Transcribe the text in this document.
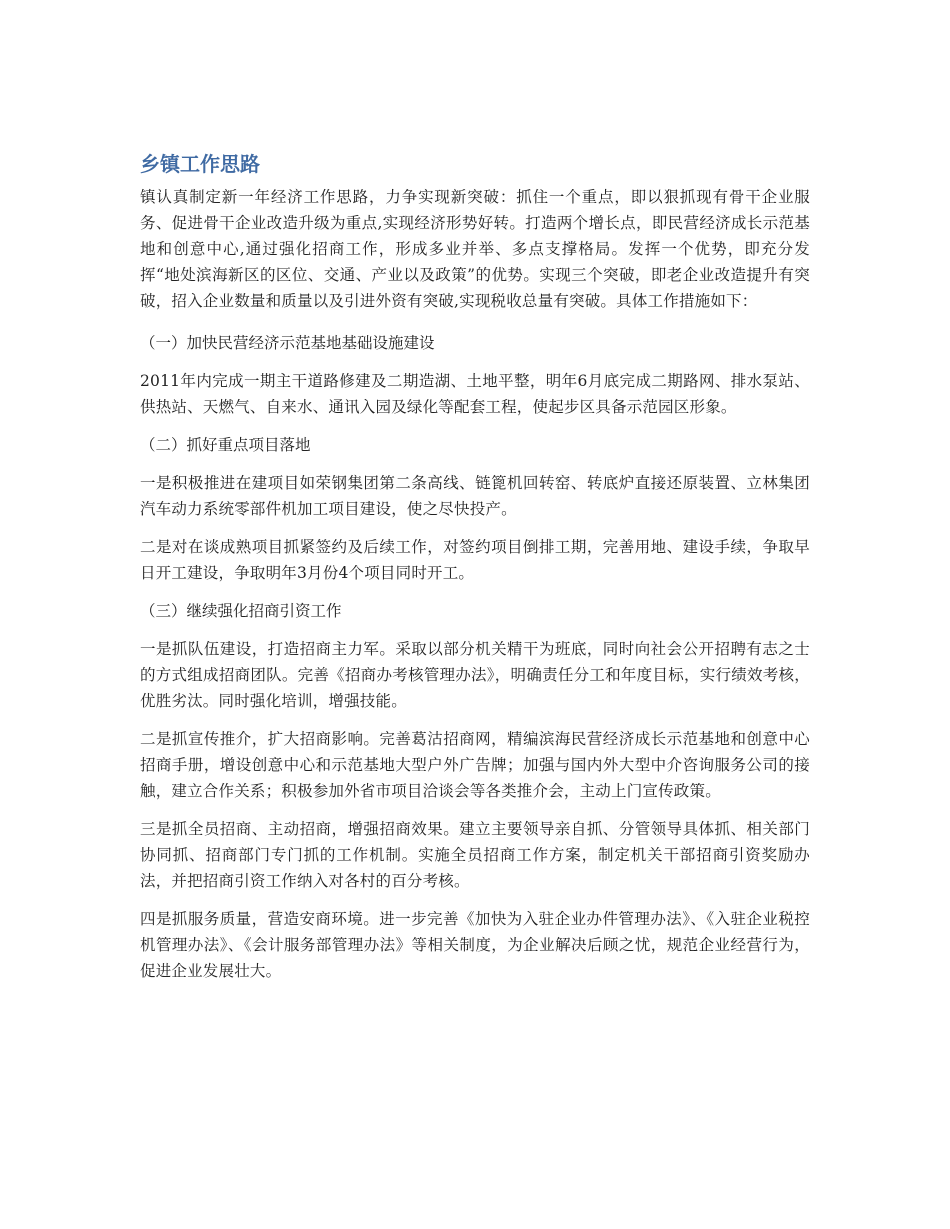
乡镇工作思路

镇认真制定新一年经济工作思路，力争实现新突破：抓住一个重点，即以狠抓现有骨干企业服务、促进骨干企业改造升级为重点,实现经济形势好转。打造两个增长点，即民营经济成长示范基地和创意中心,通过强化招商工作，形成多业并举、多点支撑格局。发挥一个优势，即充分发挥“地处滨海新区的区位、交通、产业以及政策”的优势。实现三个突破，即老企业改造提升有突破，招入企业数量和质量以及引进外资有突破,实现税收总量有突破。具体工作措施如下：

（一）加快民营经济示范基地基础设施建设

2011年内完成一期主干道路修建及二期造湖、土地平整，明年6月底完成二期路网、排水泵站、供热站、天燃气、自来水、通讯入园及绿化等配套工程，使起步区具备示范园区形象。

（二）抓好重点项目落地

一是积极推进在建项目如荣钢集团第二条高线、链篦机回转窑、转底炉直接还原装置、立林集团汽车动力系统零部件机加工项目建设，使之尽快投产。

二是对在谈成熟项目抓紧签约及后续工作，对签约项目倒排工期，完善用地、建设手续，争取早日开工建设，争取明年3月份4个项目同时开工。

（三）继续强化招商引资工作

一是抓队伍建设，打造招商主力军。采取以部分机关精干为班底，同时向社会公开招聘有志之士的方式组成招商团队。完善《招商办考核管理办法》，明确责任分工和年度目标，实行绩效考核，优胜劣汰。同时强化培训，增强技能。

二是抓宣传推介，扩大招商影响。完善葛沽招商网，精编滨海民营经济成长示范基地和创意中心招商手册，增设创意中心和示范基地大型户外广告牌；加强与国内外大型中介咨询服务公司的接触，建立合作关系；积极参加外省市项目洽谈会等各类推介会，主动上门宣传政策。

三是抓全员招商、主动招商，增强招商效果。建立主要领导亲自抓、分管领导具体抓、相关部门协同抓、招商部门专门抓的工作机制。实施全员招商工作方案，制定机关干部招商引资奖励办法，并把招商引资工作纳入对各村的百分考核。

四是抓服务质量，营造安商环境。进一步完善《加快为入驻企业办件管理办法》、《入驻企业税控机管理办法》、《会计服务部管理办法》等相关制度，为企业解决后顾之忧，规范企业经营行为，促进企业发展壮大。
